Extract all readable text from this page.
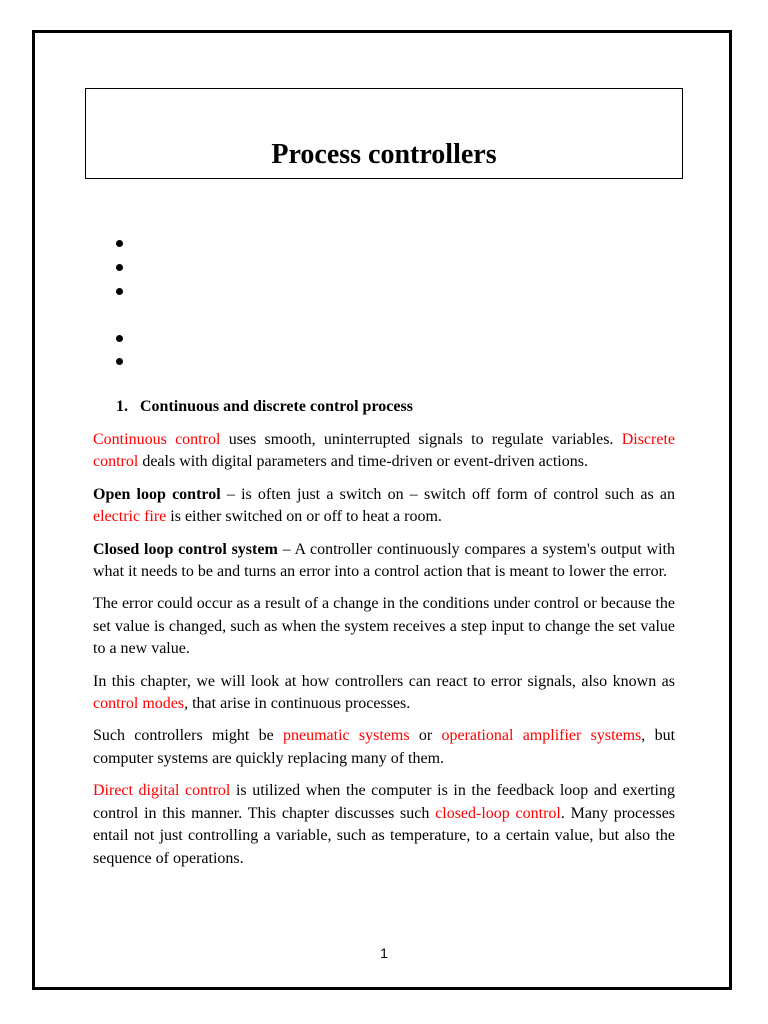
Process controllers

1. Continuous and discrete control process

Continuous control uses smooth, uninterrupted signals to regulate variables. Discrete control deals with digital parameters and time-driven or event-driven actions.

Open loop control – is often just a switch on – switch off form of control such as an electric fire is either switched on or off to heat a room.

Closed loop control system – A controller continuously compares a system's output with what it needs to be and turns an error into a control action that is meant to lower the error.

The error could occur as a result of a change in the conditions under control or because the set value is changed, such as when the system receives a step input to change the set value to a new value.

In this chapter, we will look at how controllers can react to error signals, also known as control modes, that arise in continuous processes.

Such controllers might be pneumatic systems or operational amplifier systems, but computer systems are quickly replacing many of them.

Direct digital control is utilized when the computer is in the feedback loop and exerting control in this manner. This chapter discusses such closed-loop control. Many processes entail not just controlling a variable, such as temperature, to a certain value, but also the sequence of operations.

1
